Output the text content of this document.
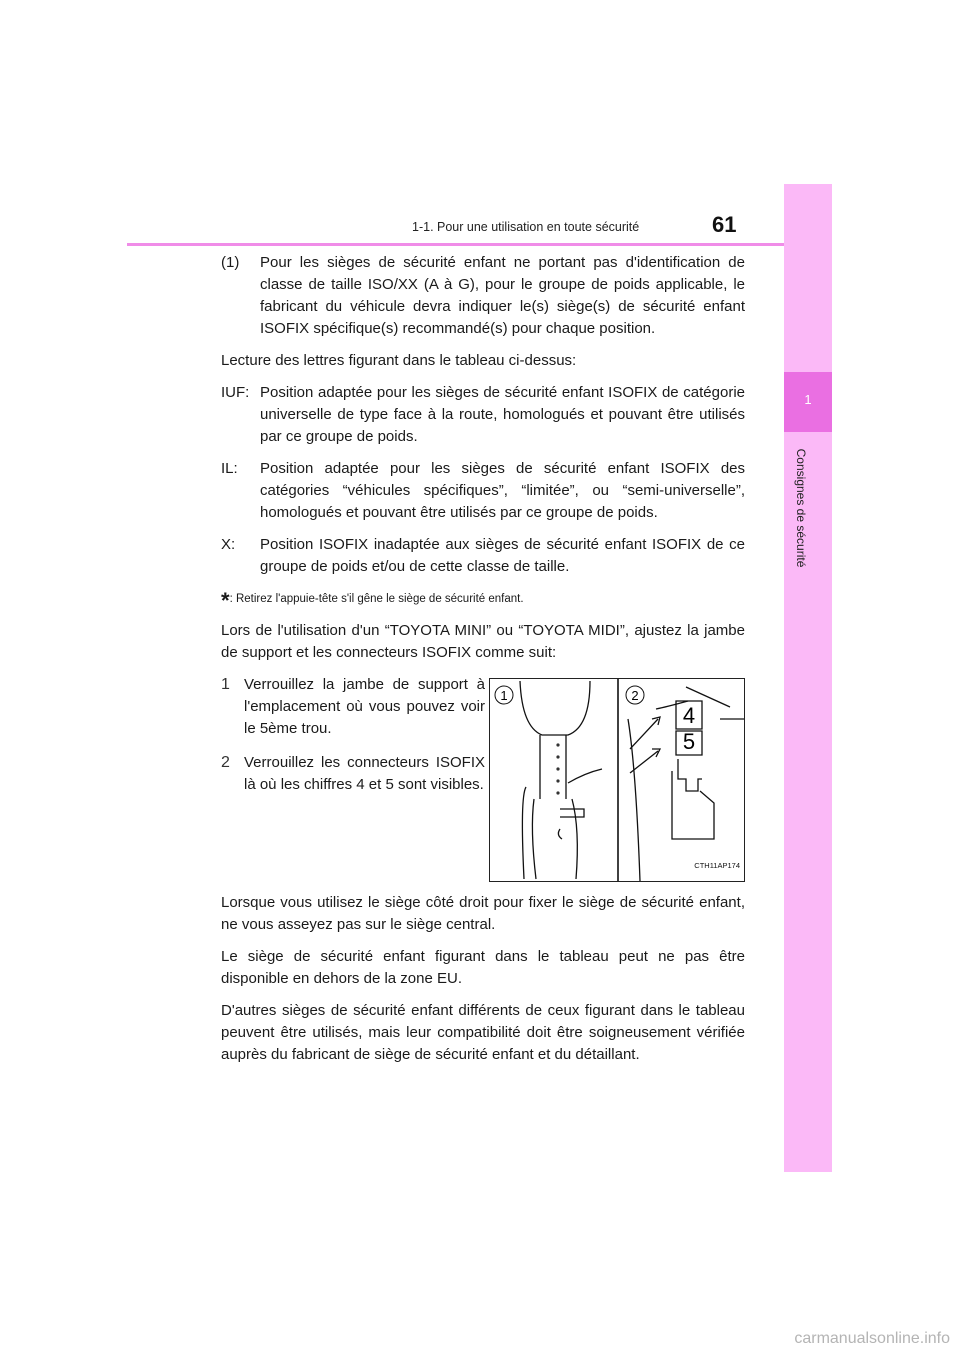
1-1. Pour une utilisation en toute sécurité	61
1
Consignes de sécurité
(1)	Pour les sièges de sécurité enfant ne portant pas d'identification de classe de taille ISO/XX (A à G), pour le groupe de poids applicable, le fabricant du véhicule devra indiquer le(s) siège(s) de sécurité enfant ISOFIX spécifique(s) recommandé(s) pour chaque position.

Lecture des lettres figurant dans le tableau ci-dessus:

IUF: Position adaptée pour les sièges de sécurité enfant ISOFIX de catégorie universelle de type face à la route, homologués et pouvant être utilisés par ce groupe de poids.
IL:	Position adaptée pour les sièges de sécurité enfant ISOFIX des catégories “véhicules spécifiques”, “limitée”, ou “semi-universelle”, homologués et pouvant être utilisés par ce groupe de poids.
X:	Position ISOFIX inadaptée aux sièges de sécurité enfant ISOFIX de ce groupe de poids et/ou de cette classe de taille.
*: Retirez l'appuie-tête s'il gêne le siège de sécurité enfant.

Lors de l'utilisation d'un “TOYOTA MINI” ou “TOYOTA MIDI”, ajustez la jambe de support et les connecteurs ISOFIX comme suit:

1 Verrouillez la jambe de support à l'emplacement où vous pouvez voir le 5ème trou.
2 Verrouillez les connecteurs ISOFIX là où les chiffres 4 et 5 sont visibles.
1	2
4
5
CTH11AP174

Lorsque vous utilisez le siège côté droit pour fixer le siège de sécurité enfant, ne vous asseyez pas sur le siège central.

Le siège de sécurité enfant figurant dans le tableau peut ne pas être disponible en dehors de la zone EU.

D'autres sièges de sécurité enfant différents de ceux figurant dans le tableau peuvent être utilisés, mais leur compatibilité doit être soigneusement vérifiée auprès du fabricant de siège de sécurité enfant et du détaillant.

carmanualsonline.info
